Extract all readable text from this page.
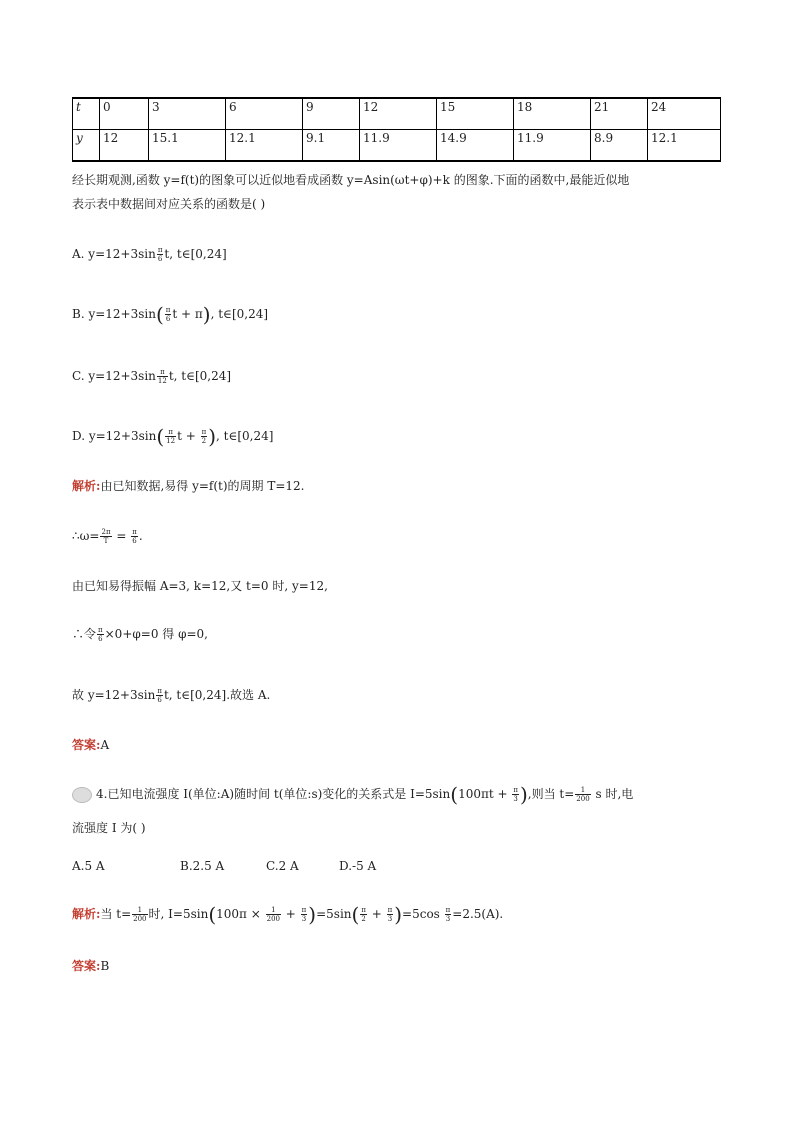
t	0	3	6	9	12	15	18	21	24
y	12	15.1	12.1	9.1	11.9	14.9	11.9	8.9	12.1
经长期观测,函数 y=f(t)的图象可以近似地看成函数 y=Asin(ωt+φ)+k 的图象.下面的函数中,最能近似地
表示表中数据间对应关系的函数是( )
A. $y=12+3\sin \frac{\pi}{6} t$, t∈[0,24]
B. $y=12+3\sin( \frac{\pi}{6}$ t + π), t∈[0,24]
C. $y=12+3\sin \frac{\pi}{12} t$, t∈[0,24]
D. $y=12+3\sin( \frac{\pi}{12}$ $t + \frac{\pi}{2}$ ), t∈[0,24]
解析:由已知数据,易得 y=f(t)的周期 T=12.
∴ω= $\frac{2\pi}{T} = \frac{\pi}{6}$ .
由已知易得振幅 A=3, k=12,又 t=0 时, y=12,
∴令 $\frac{\pi}{6} \times 0+\varphi=0$ 得 φ=0,
故 $y=12+3\sin \frac{\pi}{6} t$, t∈[0,24].故选 A.
答案:A
4.已知电流强度 I(单位:A)随时间 t(单位:s)变化的关系式是 $I=5\sin(100\pi t + \frac{\pi}{3}$ ),则当 $t= \frac{1}{200}$ s 时,电
流强度 I 为( )
A.5 A	B.2.5 A	C.2 A	D.-5 A
解析:当 $t= \frac{1}{200}$ 时, $I=5\sin(100\pi \times \frac{1}{200} + \frac{\pi}{3} )=5\sin( \frac{\pi}{2} + \frac{\pi}{3} )=5\cos \frac{\pi}{3} =2.5(A)$.
答案:B
